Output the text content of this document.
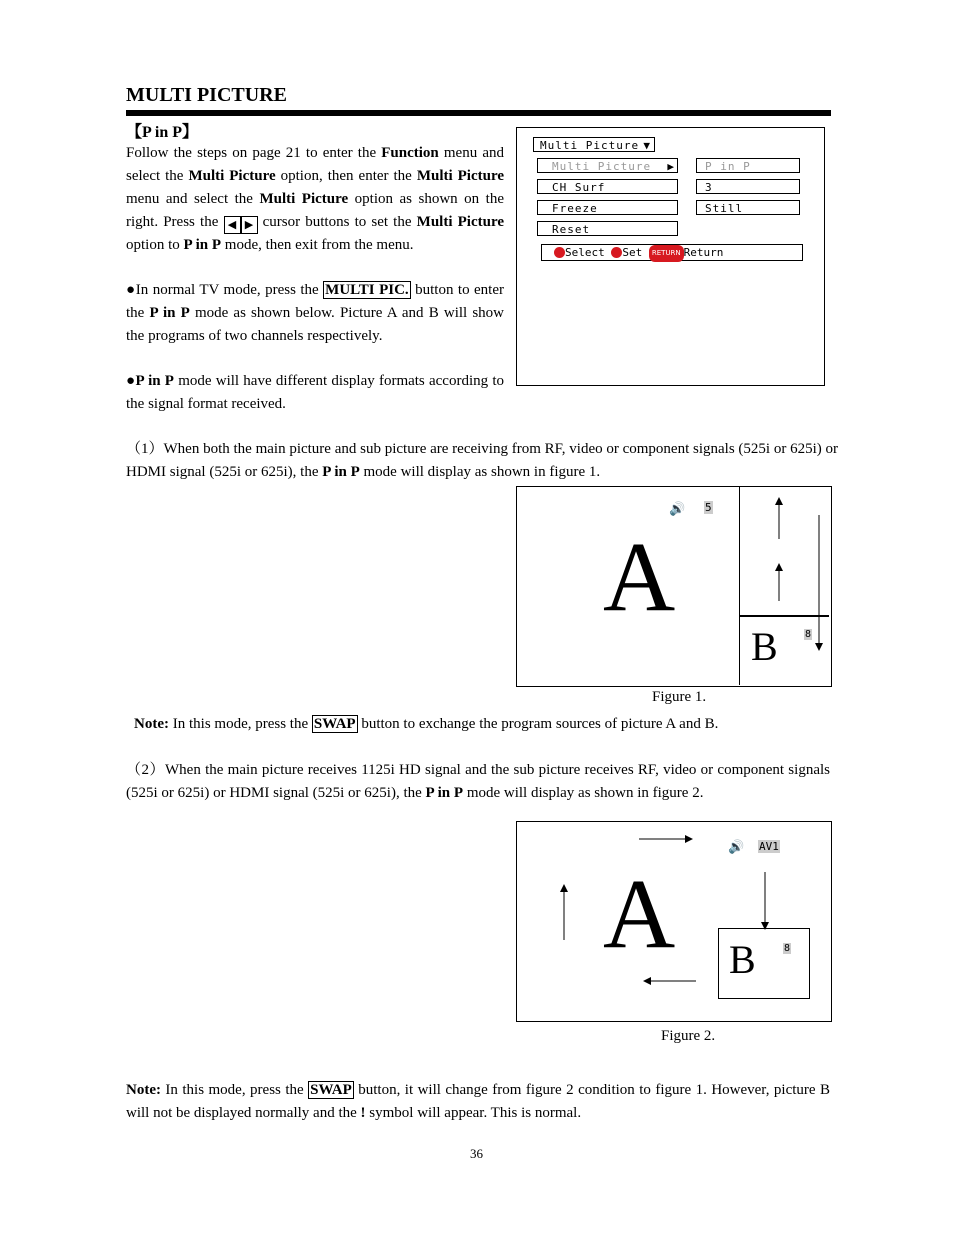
MULTI PICTURE
【P in P】
Follow the steps on page 21 to enter the Function menu and select the Multi Picture option, then enter the Multi Picture menu and select the Multi Picture option as shown on the right. Press the ◀ ▶ cursor buttons to set the Multi Picture option to P in P mode, then exit from the menu.
●In normal TV mode, press the MULTI PIC. button to enter the P in P mode as shown below. Picture A and B will show the programs of two channels respectively.
●P in P mode will have different display formats according to the signal format received.
Multi Picture ▼
Multi Picture ▶	P in P
CH Surf	3
Freeze	Still
Reset
Select Set RETURN Return
（1）When both the main picture and sub picture are receiving from RF, video or component signals (525i or 625i) or HDMI signal (525i or 625i), the P in P mode will display as shown in figure 1.
A
🔊 5
B	8
Figure 1.
Note: In this mode, press the SWAP button to exchange the program sources of picture A and B.
（2）When the main picture receives 1125i HD signal and the sub picture receives RF, video or component signals (525i or 625i) or HDMI signal (525i or 625i), the P in P mode will display as shown in figure 2.
A
🔊 AV1
B	8
Figure 2.
Note: In this mode, press the SWAP button, it will change from figure 2 condition to figure 1. However, picture B will not be displayed normally and the ! symbol will appear. This is normal.
36
